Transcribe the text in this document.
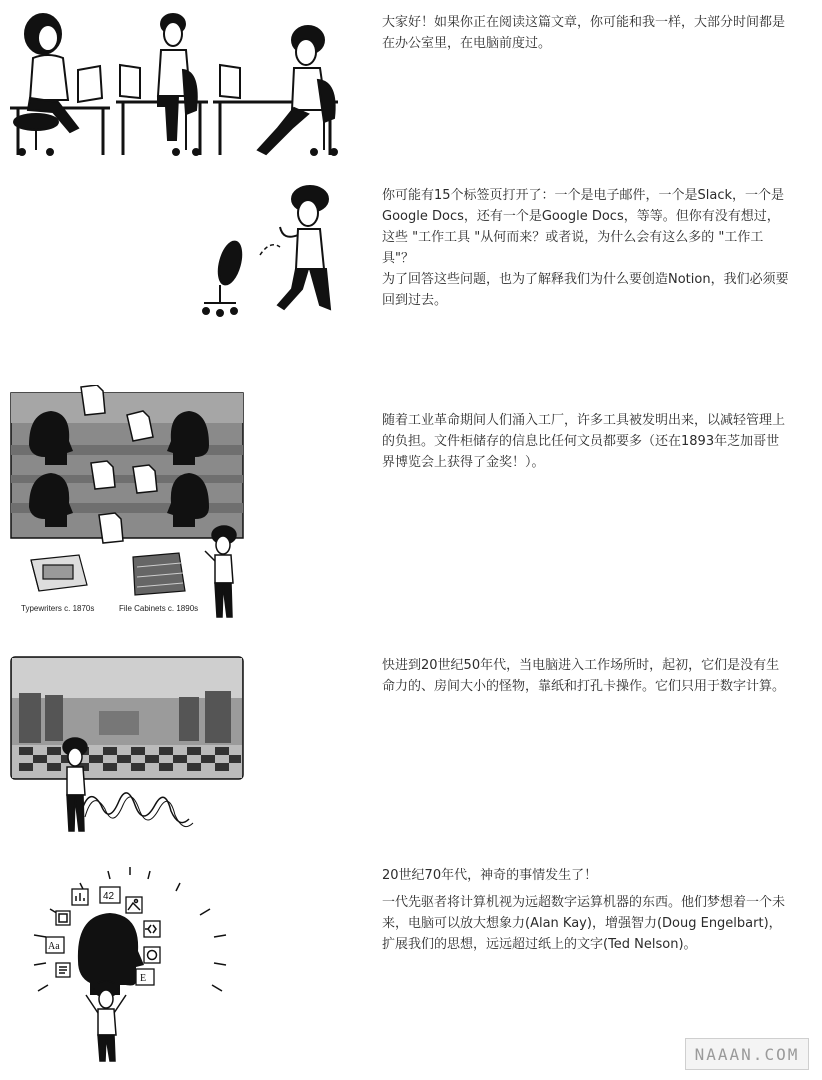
大家好！如果你正在阅读这篇文章，你可能和我一样，大部分时间都是在办公室里，在电脑前度过。

你可能有15个标签页打开了：一个是电子邮件，一个是Slack，一个是Google Docs，还有一个是Google Docs，等等。但你有没有想过，这些 "工作工具 "从何而来？或者说，为什么会有这么多的 "工作工具"？

为了回答这些问题，也为了解释我们为什么要创造Notion，我们必须要回到过去。

Typewriters c. 1870s	File Cabinets c. 1890s

随着工业革命期间人们涌入工厂，许多工具被发明出来，以减轻管理上的负担。文件柜储存的信息比任何文员都要多（还在1893年芝加哥世界博览会上获得了金奖！）。

快进到20世纪50年代，当电脑进入工作场所时，起初，它们是没有生命力的、房间大小的怪物，靠纸和打孔卡操作。它们只用于数字计算。

42
Aa
E

20世纪70年代，神奇的事情发生了！

一代先驱者将计算机视为远超数字运算机器的东西。他们梦想着一个未来，电脑可以放大想象力(Alan Kay)，增强智力(Doug Engelbart)，扩展我们的思想，远远超过纸上的文字(Ted Nelson)。

NAAAN.COM
